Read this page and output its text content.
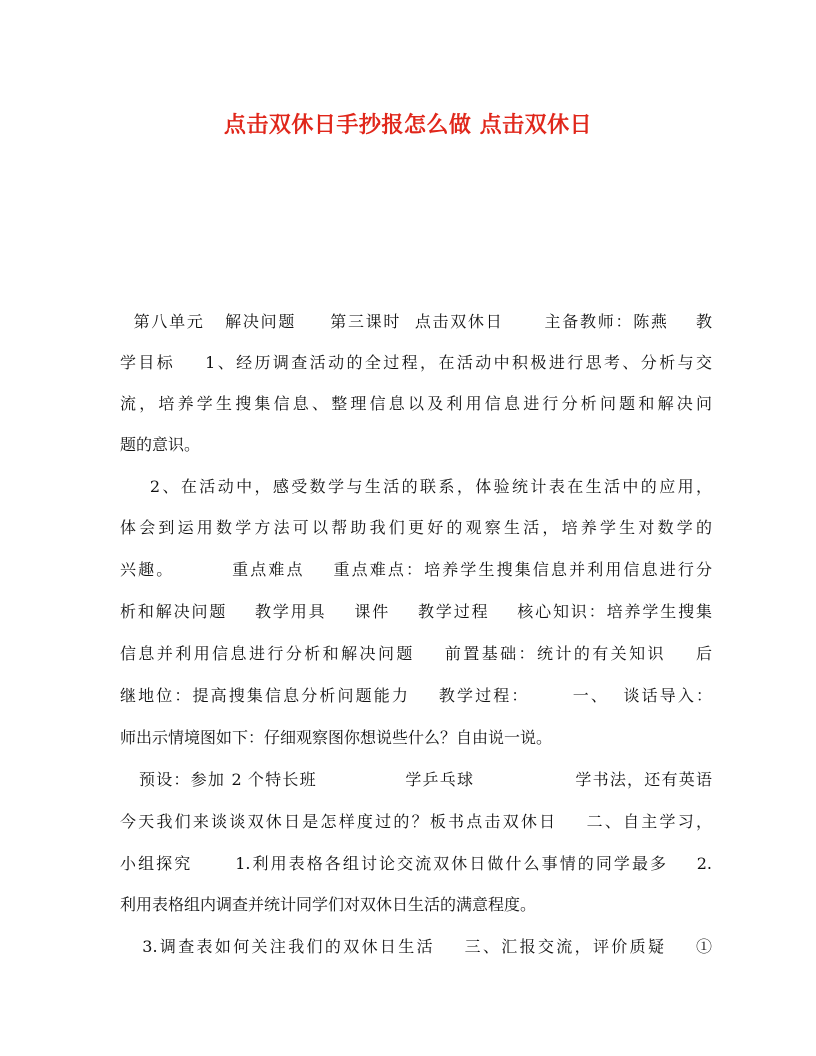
点击双休日手抄报怎么做 点击双休日
第八单元   解决问题     第三课时  点击双休日      主备教师：陈燕    教
学目标    1、经历调查活动的全过程，在活动中积极进行思考、分析与交
流，培养学生搜集信息、整理信息以及利用信息进行分析问题和解决问
题的意识。
2、在活动中，感受数学与生活的联系，体验统计表在生活中的应用，
体会到运用数学方法可以帮助我们更好的观察生活，培养学生对数学的
兴趣。        重点难点    重点难点：培养学生搜集信息并利用信息进行分
析和解决问题    教学用具    课件    教学过程    核心知识：培养学生搜集
信息并利用信息进行分析和解决问题    前置基础：统计的有关知识    后
继地位：提高搜集信息分析问题能力    教学过程：      一、  谈话导入：
师出示情境图如下：仔细观察图你想说些什么？自由说一说。
预设：参加 2 个特长班              学乒乓球                学书法，还有英语
今天我们来谈谈双休日是怎样度过的？板书点击双休日    二、自主学习，
小组探究      1.利用表格各组讨论交流双休日做什么事情的同学最多    2.
利用表格组内调查并统计同学们对双休日生活的满意程度。
3.调查表如何关注我们的双休日生活    三、汇报交流，评价质疑    ①
